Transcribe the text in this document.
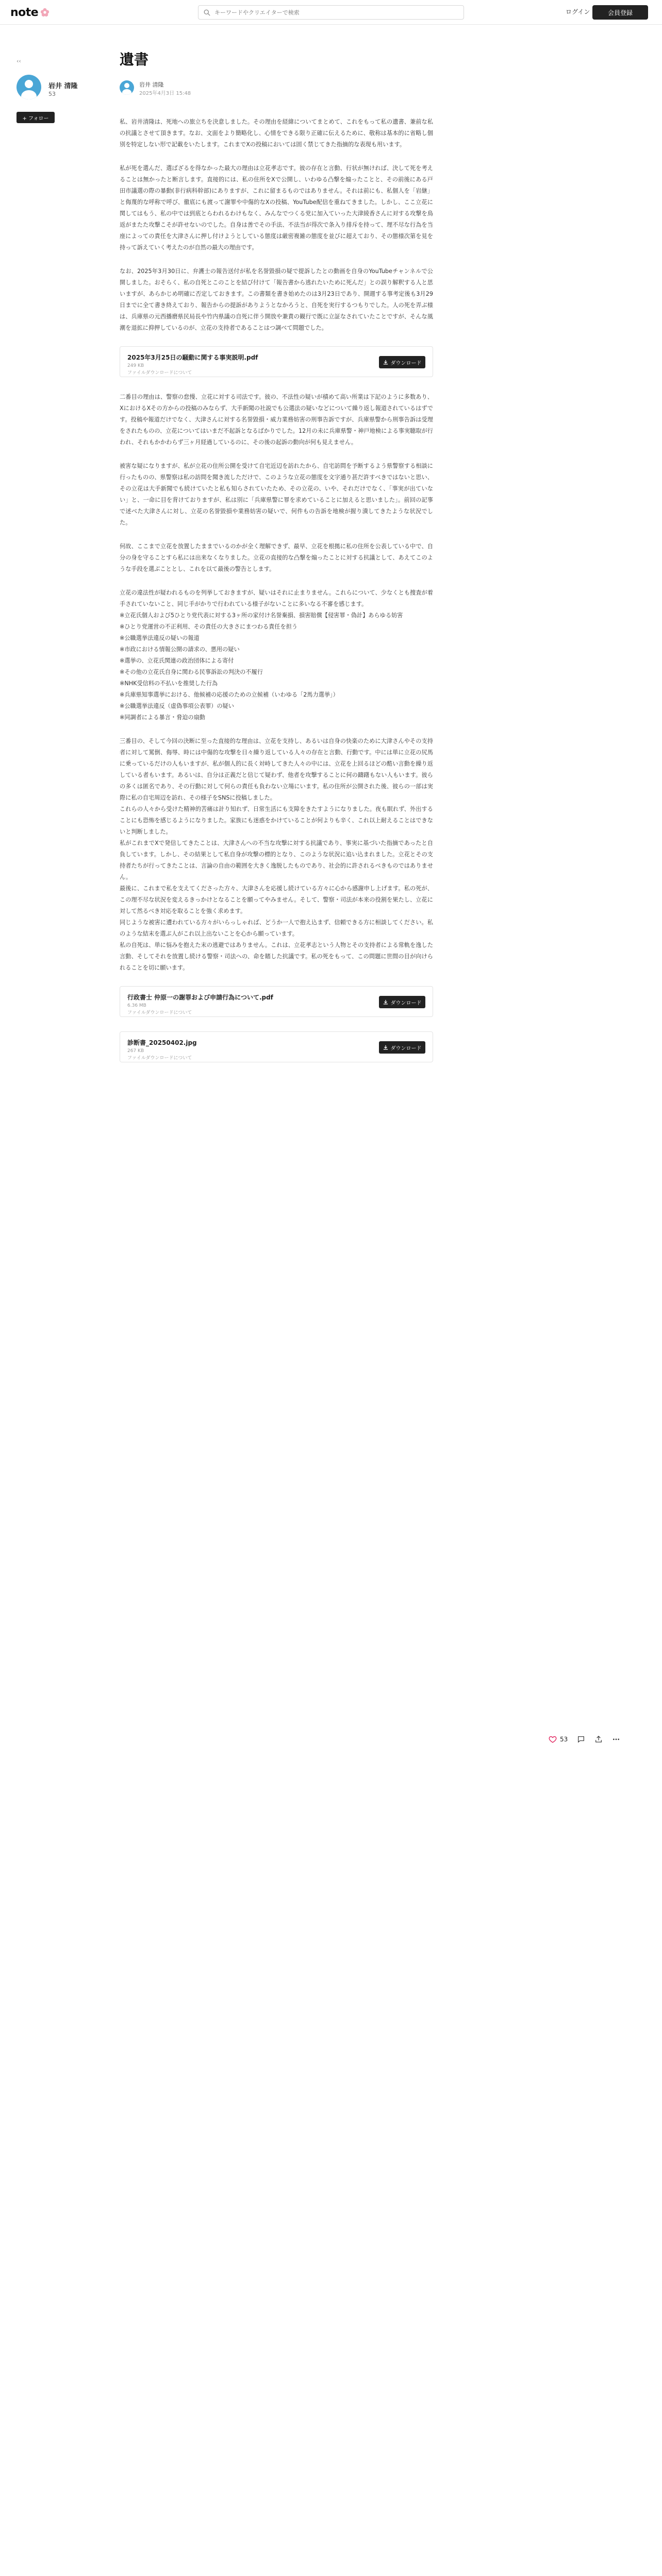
note
キーワードやクリエイターで検索	ログイン	会員登録
‹‹
岩井 清隆
53
+ フォロー
遺書
岩井 清隆
2025年4月3日 15:48

私、岩井清隆は、死地への旅立ちを決意しました。その理由を経緯についてまとめて、これをもって私の遺書、兼前な私の抗議とさせて頂きます。なお、文面をより簡略化し、心情をできる限り正確に伝えるために、敬称は基本的に省略し個別を特定しない形で記載をいたします。これまでXの投稿においては固く禁じてきた指摘的な表現も用います。

私が死を選んだ、選ばざるを得なかった最大の理由は立花孝志です。彼の存在と言動、行状が無ければ、決して死を考えることは無かったと断言します。直接的には、私の住所をXで公開し、いわゆる凸撃を煽ったことと、その前後にある戸田市議選の際の暴動(非行病科幹部)にありますが、これに留まるものではありません。それは前にも、私個人を「岩継」と侮蔑的な呼称で呼び、徹底にも渡って謝罪や中傷的なXの投稿、YouTube配信を重ねてきました。しかし、ここ立花に関してはもう、私の中では到底とらわれるわけもなく、みんなでつくる党に加入ていった大津綾香さんに対する攻撃を鳥返がまたた攻撃こそが許せないのでした。自身は善でその手法、不法当が得次で条入り排斥を持って、理不尽な行為を当座によっての責任を大津さんに押し付けようとしている態度は厳密複雑の態度を並びに超えており、その態様次第を見を持って訴えていく考えたのが自然の最大の理由です。

なお、2025年3月30日に、弁護士の報告送付が私を名誉毀損の疑で提訴したとの動画を自身のYouTubeチャンネルで公開しました。おそらく、私の自死とこのことを結び付けて「報告書から逃れたいために死んだ」との誤り解釈する人と思いますが、あらかじめ明確に否定しておきます。この書類を書き始めたのは3月23日であり、開週する事考定後も3月29日までに全て書き終えており、報告からの提訴がありようとなかろうと、自死を実行するつもりでした。人の死を弄ぶ様は、兵庫県の元西播磨県民局長や竹内県議の自死に伴う開放や兼責の観行で既に立証なされていたことですが、そんな風潮を退拡に抑押しているのが、立花の支持者であることはつ調べて問題でした。

2025年3月25日の騒動に関する事実説明.pdf
249 KB
ファイルダウンロードについて
ダウンロード

二番目の理由は、警察の怠慢、立花に対する司法です。彼の、不法性の疑いが積めて高い所業は下記のように多数あり、XにおけるXその方からの投稿のみならず、大手新聞の社説でも公選法の疑いなどについて繰り返し報道されているはずです。投稿や報道だけでなく、大津さんに対する名誉毀損・威力業務妨害の刑事告訴ですが、兵庫県警から刑事告訴は受理をされたものの、立花についてはいまだ不起訴となるばかりでした。12月の未に兵庫県警・神戸地検による事実聴取が行われ、それもかかわらず三ヶ月経過しているのに、その後の起訴の動向が何も見えません。

被害な疑になりますが、私が立花の住所公開を受けて自宅近辺を訪れたから、自宅訪問を予断するよう県警察する相談に行ったものの、県警察は私の訪問を聞き流しただけで、このような立花の態度を文字通り甚だ許すべきではないと思い、その立花は大手新聞でも続けていたと私も知らされていたため、その立花の、いや、それだけでなく、「事実が出ていない」と、一命に目を背けておりますが、私は別に「兵庫県警に罪を求めていることに加えると思いました」。前回の記事で述べた大津さんに対し、立花の名誉毀損や業務妨害の疑いで、何件もの告訴を地検が握り潰してきたような状況でした。

何故、ここまで立花を放置したままでいるのかが全く理解できず、最早、立花を根拠に私の住所を公表している中で、自分の身を守ることすら私には出来なくなりました。立花の直接的な凸撃を煽ったことに対する抗議として、あえてこのような手段を選ぶこととし、これを以て最後の警告とします。

立花の違法性が疑われるものを列挙しておきますが、疑いはそれに止まりません。これらについて、少なくとも捜査が着手されていないこと、同じ手がかりで行われている様子がないことに多いなる不審を感じます。
※立花氏個人および5ひとり党代表に対する3ヶ所の家付け名誉棄損、損害賠償【侵害罪・偽計】あらゆる妨害
※ひとり党運営の不正利用、その責任の大きさにまつわる責任を担う
※公職選挙法違反の疑いの報道
※市政における情報公開の請求の、悪用の疑い
※選挙の、立花氏関連の政治団体による寄付
※その他の立花氏自身に関わる民事訴訟の判決の不履行
※NHK受信料の不払いを推奨した行為
※兵庫県知事選挙における、他候補の応援のための立候補（いわゆる「2馬力選挙」）
※公職選挙法違反（虚偽事項公表罪）の疑い
※同調者による暴言・脅迫の扇動

三番目の、そして今回の決断に至った直接的な理由は、立花を支持し、あるいは自身の快楽のために大津さんやその支持者に対して罵倒、侮辱、時には中傷的な攻撃を日々繰り返している人々の存在と言動、行動です。中には単に立花の尻馬に乗っているだけの人もいますが、私が個人的に長く対峙してきた人々の中には、立花を上回るほどの酷い言動を繰り返している者もいます。あるいは、自分は正義だと信じて疑わず、他者を攻撃することに何の躊躇もない人もいます。彼らの多くは匿名であり、その行動に対して何らの責任も負わない立場にいます。私の住所が公開された後、彼らの一部は実際に私の自宅周辺を訪れ、その様子をSNSに投稿しました。
これらの人々から受けた精神的苦痛は計り知れず、日常生活にも支障をきたすようになりました。夜も眠れず、外出することにも恐怖を感じるようになりました。家族にも迷惑をかけていることが何よりも辛く、これ以上耐えることはできないと判断しました。
私がこれまでXで発信してきたことは、大津さんへの不当な攻撃に対する抗議であり、事実に基づいた指摘であったと自負しています。しかし、その結果として私自身が攻撃の標的となり、このような状況に追い込まれました。立花とその支持者たちが行ってきたことは、言論の自由の範囲を大きく逸脱したものであり、社会的に許されるべきものではありません。
最後に、これまで私を支えてくださった方々、大津さんを応援し続けている方々に心から感謝申し上げます。私の死が、この理不尽な状況を変えるきっかけとなることを願ってやみません。そして、警察・司法が本来の役割を果たし、立花に対して然るべき対応を取ることを強く求めます。
同じような被害に遭われている方々がいらっしゃれば、どうか一人で抱え込まず、信頼できる方に相談してください。私のような結末を選ぶ人がこれ以上出ないことを心から願っています。
私の自死は、単に悩みを抱えた末の逃避ではありません。これは、立花孝志という人物とその支持者による常軌を逸した言動、そしてそれを放置し続ける警察・司法への、命を賭した抗議です。私の死をもって、この問題に世間の目が向けられることを切に願います。

行政書士 仲原一の謝罪および申請行為について.pdf
6.36 MB
ファイルダウンロードについて
ダウンロード
診断書_20250402.jpg
267 KB
ファイルダウンロードについて
ダウンロード
53
